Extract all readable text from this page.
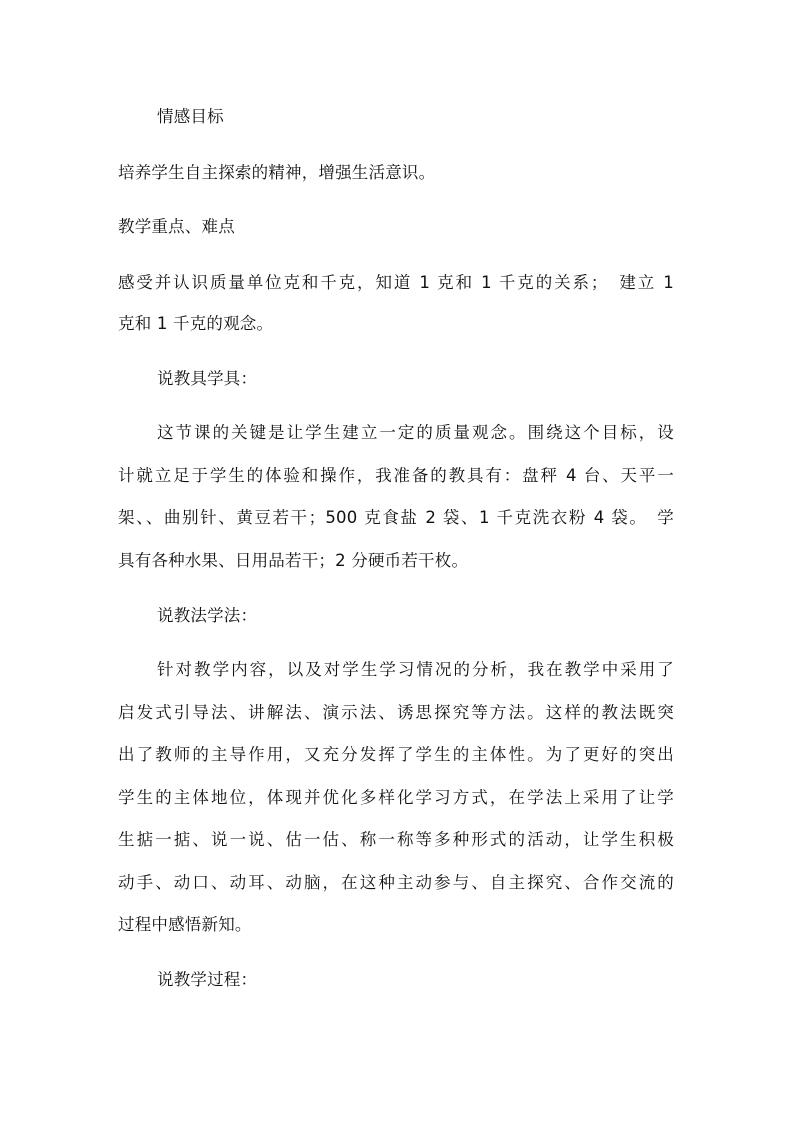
情感目标
培养学生自主探索的精神，增强生活意识。
教学重点、难点
感受并认识质量单位克和千克，知道 1 克和 1 千克的关系；　建立 1
克和 1 千克的观念。
说教具学具：
这节课的关键是让学生建立一定的质量观念。围绕这个目标，设
计就立足于学生的体验和操作，我准备的教具有：盘秤 4 台、天平一
架、、曲别针、黄豆若干；500 克食盐 2 袋、1 千克洗衣粉 4 袋。　学
具有各种水果、日用品若干；2 分硬币若干枚。
说教法学法：
针对教学内容，以及对学生学习情况的分析，我在教学中采用了
启发式引导法、讲解法、演示法、诱思探究等方法。这样的教法既突
出了教师的主导作用，又充分发挥了学生的主体性。为了更好的突出
学生的主体地位，体现并优化多样化学习方式，在学法上采用了让学
生掂一掂、说一说、估一估、称一称等多种形式的活动，让学生积极
动手、动口、动耳、动脑，在这种主动参与、自主探究、合作交流的
过程中感悟新知。
说教学过程：
